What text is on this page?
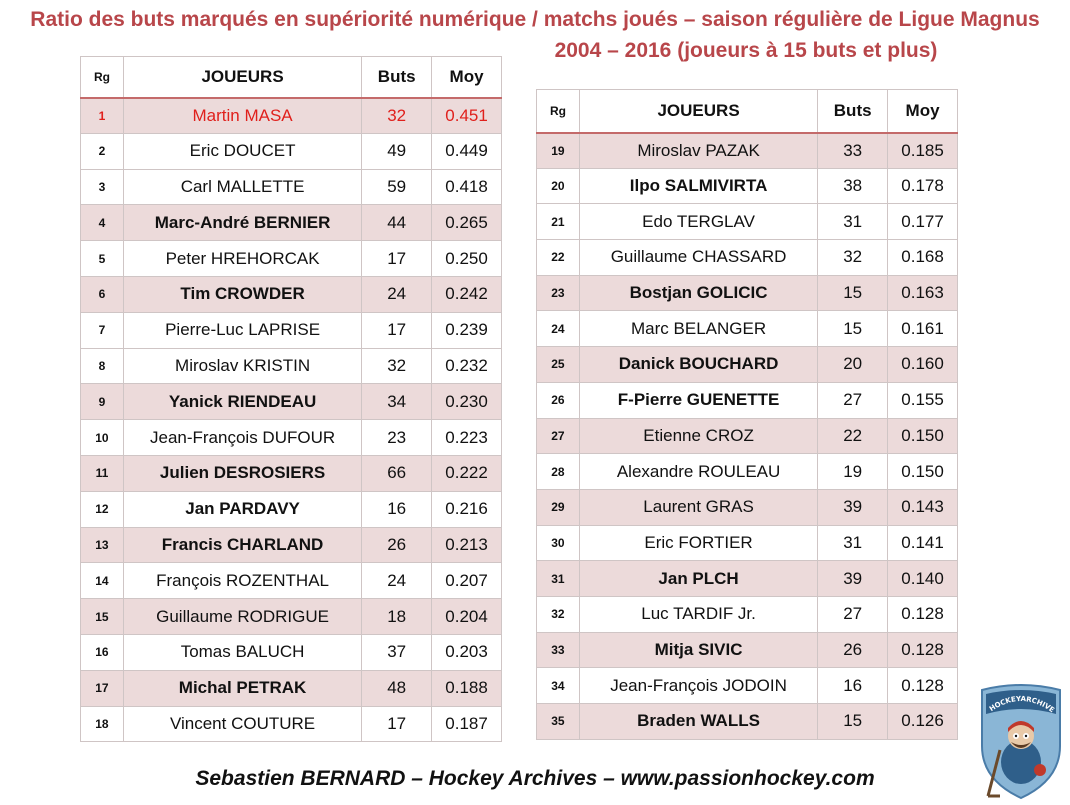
Ratio des buts marqués en supériorité numérique / matchs joués – saison régulière de Ligue Magnus
2004 – 2016 (joueurs à 15 buts et plus)
Rg	JOUEURS	Buts	Moy
1	Martin MASA	32	0.451
2	Eric DOUCET	49	0.449
3	Carl MALLETTE	59	0.418
4	Marc-André BERNIER	44	0.265
5	Peter HREHORCAK	17	0.250
6	Tim CROWDER	24	0.242
7	Pierre-Luc LAPRISE	17	0.239
8	Miroslav KRISTIN	32	0.232
9	Yanick RIENDEAU	34	0.230
10	Jean-François DUFOUR	23	0.223
11	Julien DESROSIERS	66	0.222
12	Jan PARDAVY	16	0.216
13	Francis CHARLAND	26	0.213
14	François ROZENTHAL	24	0.207
15	Guillaume RODRIGUE	18	0.204
16	Tomas BALUCH	37	0.203
17	Michal PETRAK	48	0.188
18	Vincent COUTURE	17	0.187
Rg	JOUEURS	Buts	Moy
19	Miroslav PAZAK	33	0.185
20	Ilpo SALMIVIRTA	38	0.178
21	Edo TERGLAV	31	0.177
22	Guillaume CHASSARD	32	0.168
23	Bostjan GOLICIC	15	0.163
24	Marc BELANGER	15	0.161
25	Danick BOUCHARD	20	0.160
26	F-Pierre GUENETTE	27	0.155
27	Etienne CROZ	22	0.150
28	Alexandre ROULEAU	19	0.150
29	Laurent GRAS	39	0.143
30	Eric FORTIER	31	0.141
31	Jan PLCH	39	0.140
32	Luc TARDIF Jr.	27	0.128
33	Mitja SIVIC	26	0.128
34	Jean-François JODOIN	16	0.128
35	Braden WALLS	15	0.126
Sebastien BERNARD – Hockey Archives – www.passionhockey.com
HOCKEYARCHIVE
